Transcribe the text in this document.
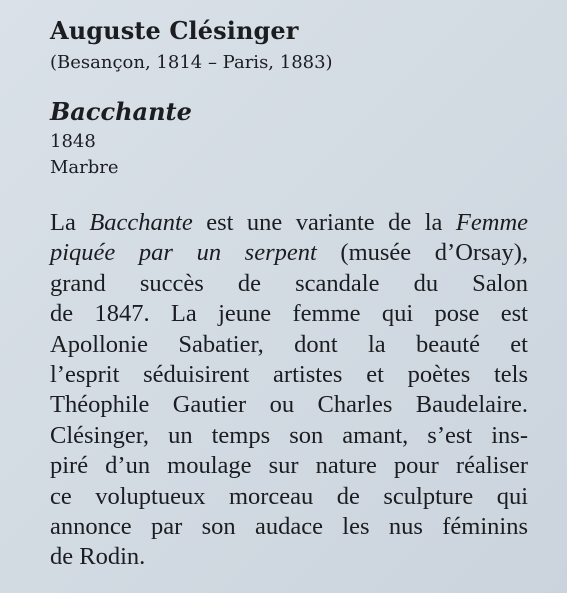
Auguste Clésinger
(Besançon, 1814 – Paris, 1883)
Bacchante
1848
Marbre
La Bacchante est une variante de la Femme
piquée par un serpent (musée d’Orsay),
grand succès de scandale du Salon
de 1847. La jeune femme qui pose est
Apollonie Sabatier, dont la beauté et
l’esprit séduisirent artistes et poètes tels
Théophile Gautier ou Charles Baudelaire.
Clésinger, un temps son amant, s’est ins-
piré d’un moulage sur nature pour réaliser
ce voluptueux morceau de sculpture qui
annonce par son audace les nus féminins
de Rodin.
